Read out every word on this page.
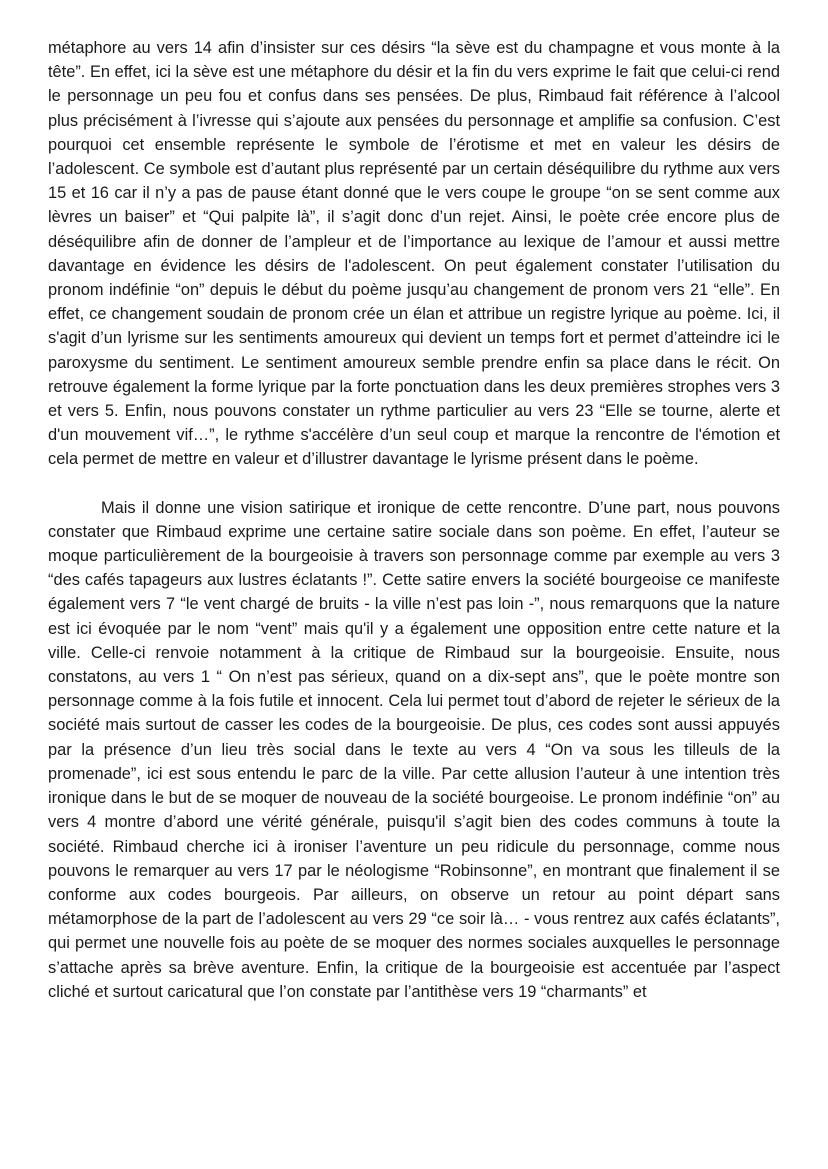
métaphore au vers 14 afin d’insister sur ces désirs “la sève est du champagne et vous monte à la tête”. En effet, ici la sève est une métaphore du désir et la fin du vers exprime le fait que celui-ci rend le personnage un peu fou et confus dans ses pensées. De plus, Rimbaud fait référence à l’alcool plus précisément à l’ivresse qui s’ajoute aux pensées du personnage et amplifie sa confusion. C’est pourquoi cet ensemble représente le symbole de l’érotisme et met en valeur les désirs de l’adolescent. Ce symbole est d’autant plus représenté par un certain déséquilibre du rythme aux vers 15 et 16 car il n’y a pas de pause étant donné que le vers coupe le groupe “on se sent comme aux lèvres un baiser” et “Qui palpite là”, il s’agit donc d’un rejet. Ainsi, le poète crée encore plus de déséquilibre afin de donner de l’ampleur et de l’importance au lexique de l’amour et aussi mettre davantage en évidence les désirs de l'adolescent. On peut également constater l’utilisation du pronom indéfinie “on” depuis le début du poème jusqu’au changement de pronom vers 21 “elle”. En effet, ce changement soudain de pronom crée un élan et attribue un registre lyrique au poème. Ici, il s'agit d’un lyrisme sur les sentiments amoureux qui devient un temps fort et permet d’atteindre ici le paroxysme du sentiment. Le sentiment amoureux semble prendre enfin sa place dans le récit. On retrouve également la forme lyrique par la forte ponctuation dans les deux premières strophes vers 3 et vers 5. Enfin, nous pouvons constater un rythme particulier au vers 23 “Elle se tourne, alerte et d'un mouvement vif…”, le rythme s'accélère d’un seul coup et marque la rencontre de l'émotion et cela permet de mettre en valeur et d’illustrer davantage le lyrisme présent dans le poème.

Mais il donne une vision satirique et ironique de cette rencontre. D’une part, nous pouvons constater que Rimbaud exprime une certaine satire sociale dans son poème. En effet, l’auteur se moque particulièrement de la bourgeoisie à travers son personnage comme par exemple au vers 3 “des cafés tapageurs aux lustres éclatants !”. Cette satire envers la société bourgeoise ce manifeste également vers 7 “le vent chargé de bruits - la ville n’est pas loin -”, nous remarquons que la nature est ici évoquée par le nom “vent” mais qu'il y a également une opposition entre cette nature et la ville. Celle-ci renvoie notamment à la critique de Rimbaud sur la bourgeoisie. Ensuite, nous constatons, au vers 1 “ On n’est pas sérieux, quand on a dix-sept ans”, que le poète montre son personnage comme à la fois futile et innocent. Cela lui permet tout d’abord de rejeter le sérieux de la société mais surtout de casser les codes de la bourgeoisie. De plus, ces codes sont aussi appuyés par la présence d’un lieu très social dans le texte au vers 4 “On va sous les tilleuls de la promenade”, ici est sous entendu le parc de la ville. Par cette allusion l’auteur à une intention très ironique dans le but de se moquer de nouveau de la société bourgeoise. Le pronom indéfinie “on” au vers 4 montre d’abord une vérité générale, puisqu'il s’agit bien des codes communs à toute la société. Rimbaud cherche ici à ironiser l’aventure un peu ridicule du personnage, comme nous pouvons le remarquer au vers 17 par le néologisme “Robinsonne”, en montrant que finalement il se conforme aux codes bourgeois. Par ailleurs, on observe un retour au point départ sans métamorphose de la part de l’adolescent au vers 29 “ce soir là… - vous rentrez aux cafés éclatants”, qui permet une nouvelle fois au poète de se moquer des normes sociales auxquelles le personnage s’attache après sa brève aventure. Enfin, la critique de la bourgeoisie est accentuée par l’aspect cliché et surtout caricatural que l’on constate par l’antithèse vers 19 “charmants” et
